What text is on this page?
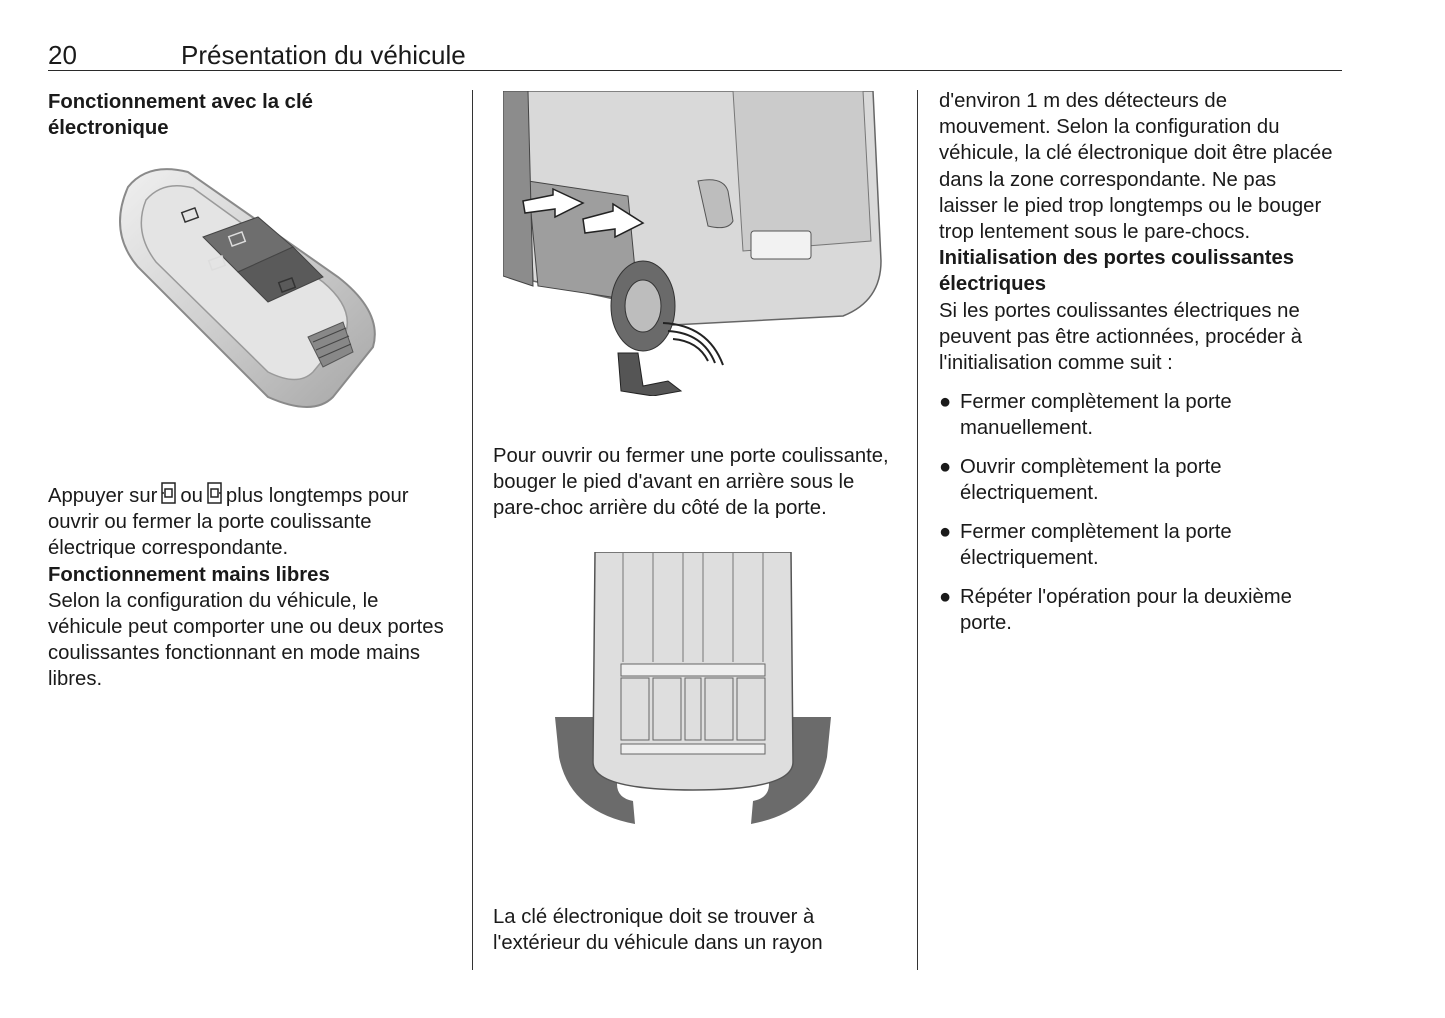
20	Présentation du véhicule

Fonctionnement avec la clé électronique

Appuyer sur ou plus longtemps pour ouvrir ou fermer la porte coulissante électrique correspondante.

Fonctionnement mains libres

Selon la configuration du véhicule, le véhicule peut comporter une ou deux portes coulissantes fonctionnant en mode mains libres.

Pour ouvrir ou fermer une porte coulissante, bouger le pied d'avant en arrière sous le pare-choc arrière du côté de la porte.

La clé électronique doit se trouver à l'extérieur du véhicule dans un rayon

d'environ 1 m des détecteurs de mouvement. Selon la configuration du véhicule, la clé électronique doit être placée dans la zone correspondante. Ne pas laisser le pied trop longtemps ou le bouger trop lentement sous le pare-chocs.

Initialisation des portes coulissantes électriques

Si les portes coulissantes électriques ne peuvent pas être actionnées, procéder à l'initialisation comme suit :

● Fermer complètement la porte manuellement.
● Ouvrir complètement la porte électriquement.
● Fermer complètement la porte électriquement.
● Répéter l'opération pour la deuxième porte.
